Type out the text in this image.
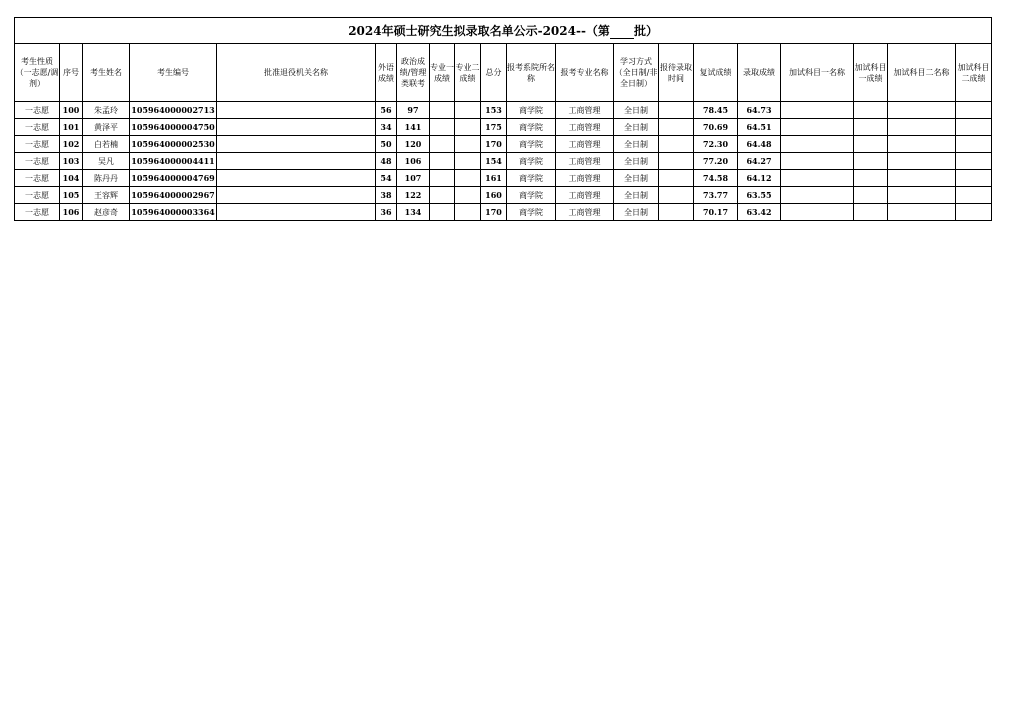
2024年硕士研究生拟录取名单公示-2024--（第 批）																			
考生性质（一志愿/调剂）	序号	考生姓名	考生编号	批准退役机关名称	外语成绩	政治成绩/管理类联考	专业一成绩	专业二成绩	总分	报考系院所名称	报考专业名称	学习方式（全日制/非全日制）	报待录取时间	复试成绩	录取成绩	加试科目一名称	加试科目一成绩	加试科目二名称	加试科目二成绩
一志愿	100	朱孟玲	105964000002713		56	97			153	商学院	工商管理	全日制		78.45	64.73				
一志愿	101	黄泽平	105964000004750		34	141			175	商学院	工商管理	全日制		70.69	64.51				
一志愿	102	白若楠	105964000002530		50	120			170	商学院	工商管理	全日制		72.30	64.48				
一志愿	103	吴凡	105964000004411		48	106			154	商学院	工商管理	全日制		77.20	64.27				
一志愿	104	陈丹丹	105964000004769		54	107			161	商学院	工商管理	全日制		74.58	64.12				
一志愿	105	王容辉	105964000002967		38	122			160	商学院	工商管理	全日制		73.77	63.55				
一志愿	106	赵彦奇	105964000003364		36	134			170	商学院	工商管理	全日制		70.17	63.42				
